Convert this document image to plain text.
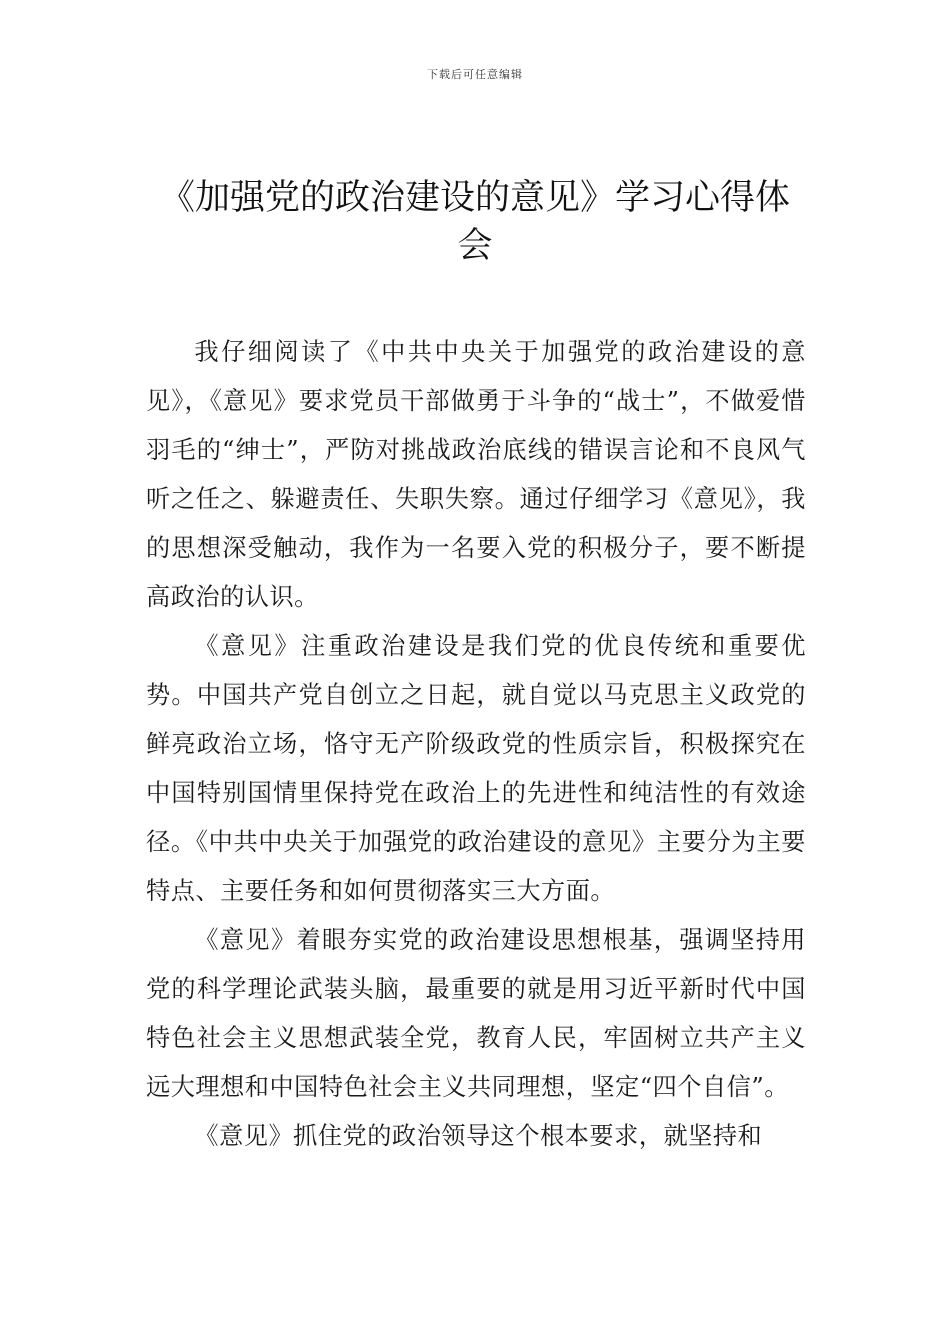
下载后可任意编辑
《加强党的政治建设的意见》学习心得体会

我仔细阅读了《中共中央关于加强党的政治建设的意见》，《意见》要求党员干部做勇于斗争的“战士”，不做爱惜羽毛的“绅士”，严防对挑战政治底线的错误言论和不良风气听之任之、躲避责任、失职失察。通过仔细学习《意见》，我的思想深受触动，我作为一名要入党的积极分子，要不断提高政治的认识。

《意见》注重政治建设是我们党的优良传统和重要优势。中国共产党自创立之日起，就自觉以马克思主义政党的鲜亮政治立场，恪守无产阶级政党的性质宗旨，积极探究在中国特别国情里保持党在政治上的先进性和纯洁性的有效途径。《中共中央关于加强党的政治建设的意见》主要分为主要特点、主要任务和如何贯彻落实三大方面。

《意见》着眼夯实党的政治建设思想根基，强调坚持用党的科学理论武装头脑，最重要的就是用习近平新时代中国特色社会主义思想武装全党，教育人民，牢固树立共产主义远大理想和中国特色社会主义共同理想，坚定“四个自信”。

《意见》抓住党的政治领导这个根本要求，就坚持和
